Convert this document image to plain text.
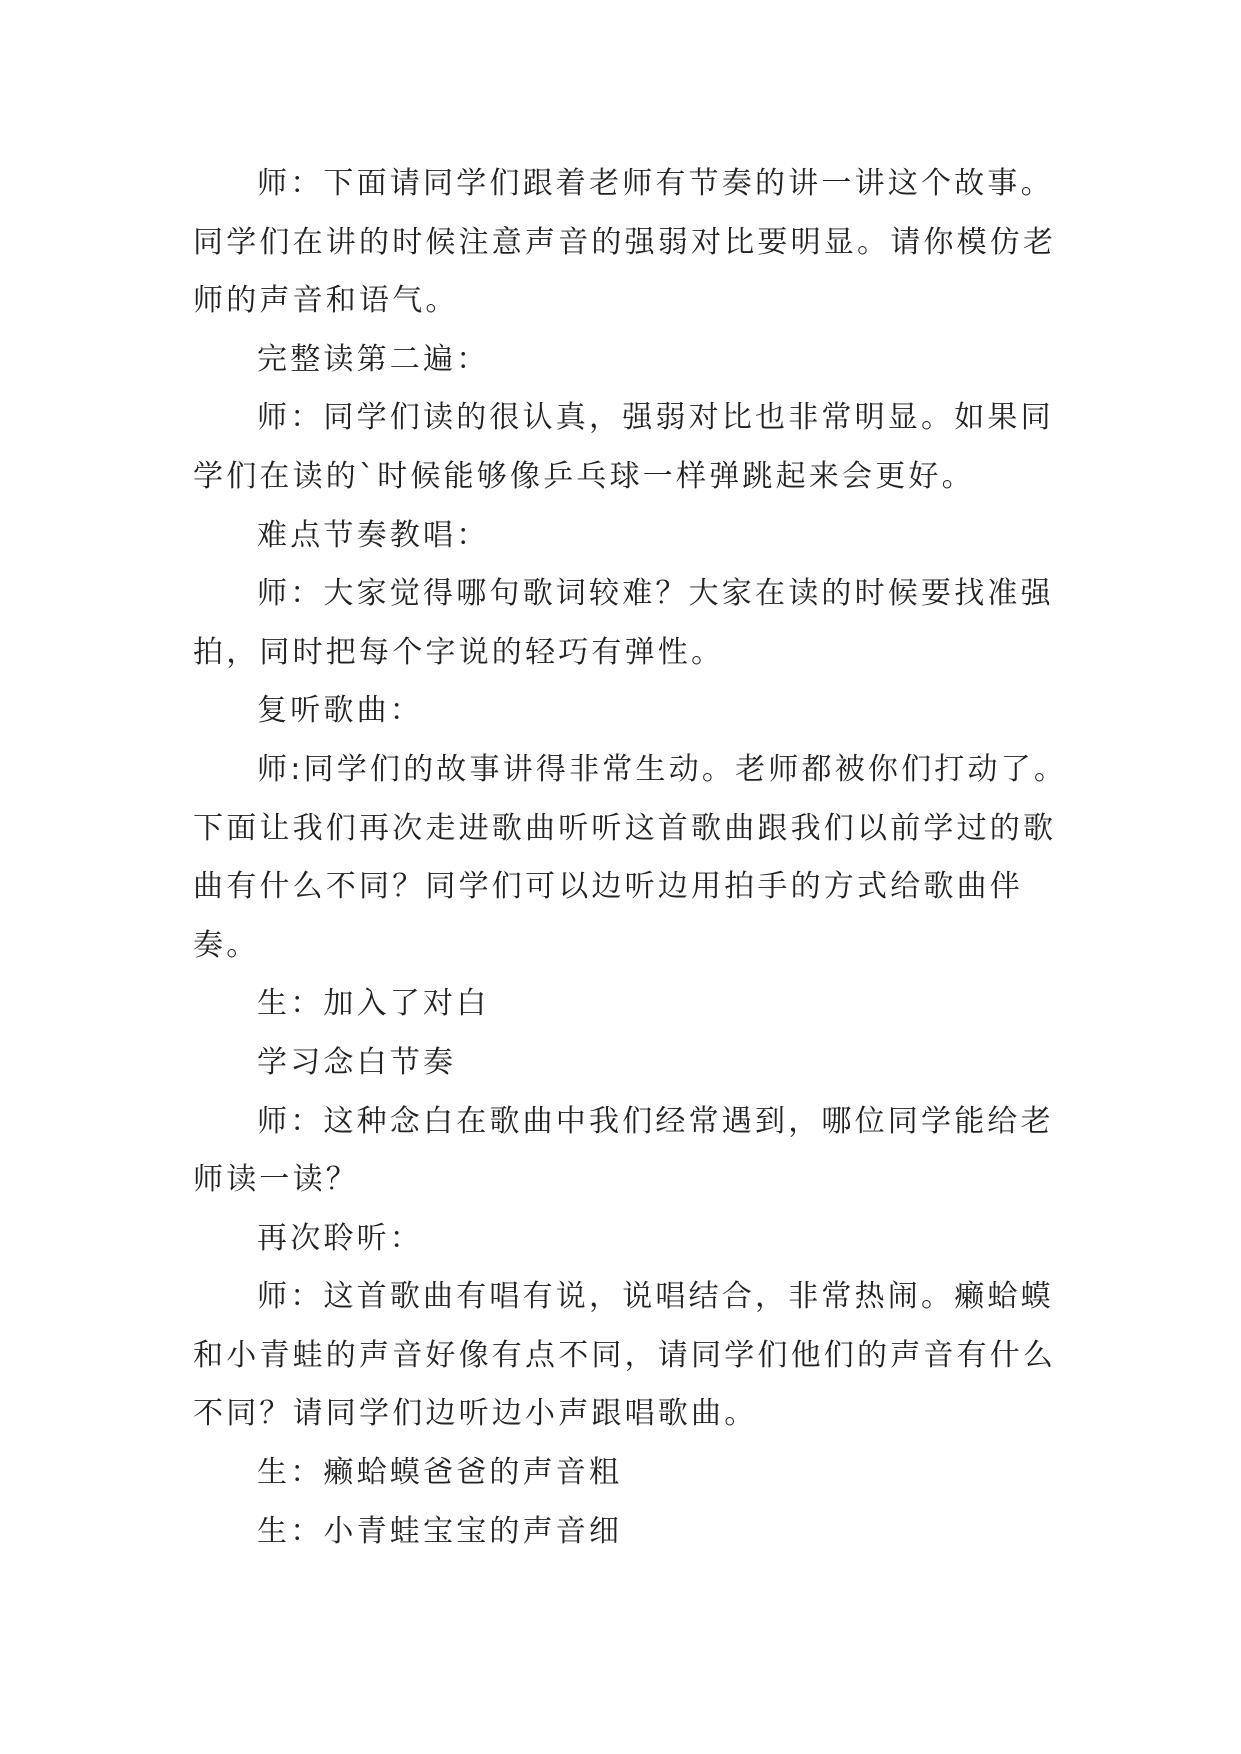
师：下面请同学们跟着老师有节奏的讲一讲这个故事。同学们在讲的时候注意声音的强弱对比要明显。请你模仿老师的声音和语气。

完整读第二遍：

师：同学们读的很认真，强弱对比也非常明显。如果同学们在读的`时候能够像乒乓球一样弹跳起来会更好。

难点节奏教唱：

师：大家觉得哪句歌词较难？大家在读的时候要找准强拍，同时把每个字说的轻巧有弹性。

复听歌曲：

师:同学们的故事讲得非常生动。老师都被你们打动了。下面让我们再次走进歌曲听听这首歌曲跟我们以前学过的歌曲有什么不同？同学们可以边听边用拍手的方式给歌曲伴奏。

生：加入了对白

学习念白节奏

师：这种念白在歌曲中我们经常遇到，哪位同学能给老师读一读？

再次聆听：

师：这首歌曲有唱有说，说唱结合，非常热闹。癞蛤蟆和小青蛙的声音好像有点不同，请同学们他们的声音有什么不同？请同学们边听边小声跟唱歌曲。

生：癞蛤蟆爸爸的声音粗

生：小青蛙宝宝的声音细
